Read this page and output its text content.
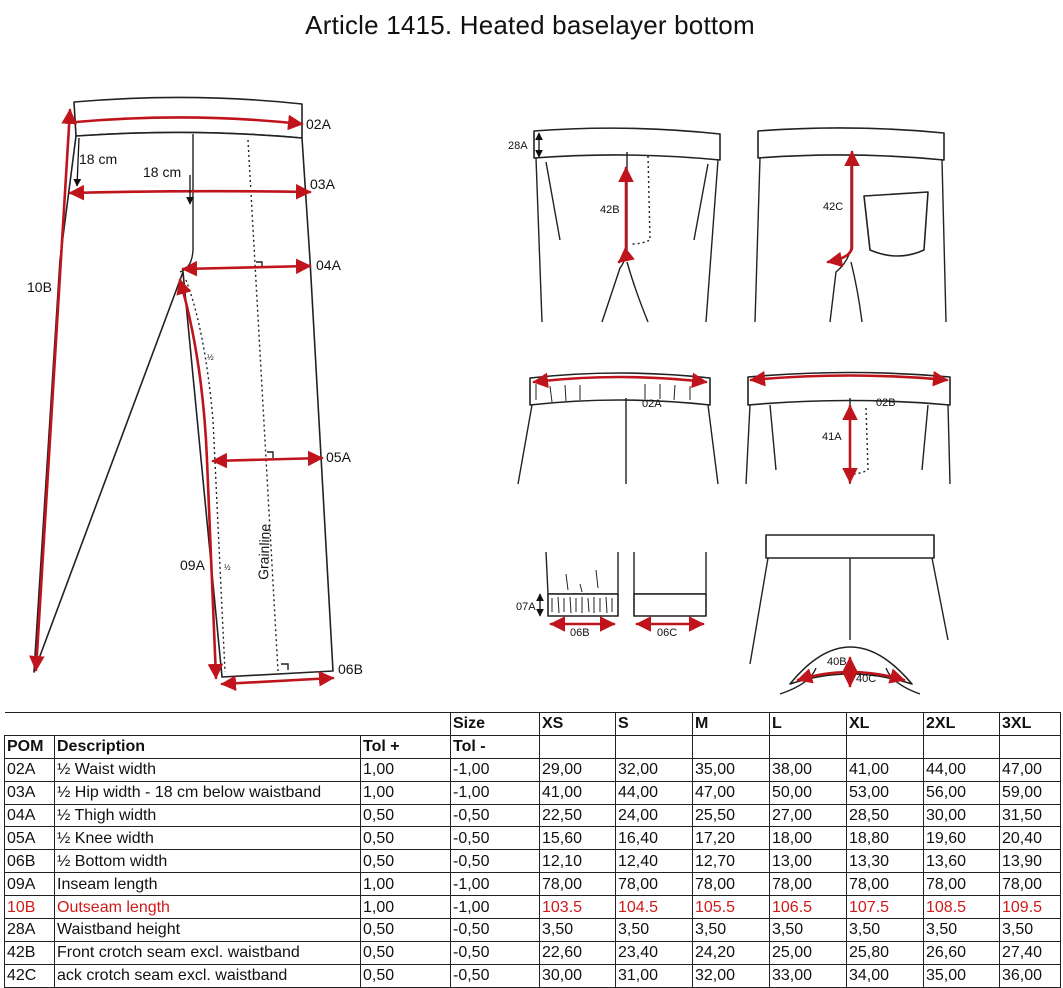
Article 1415. Heated baselayer bottom
02A
03A
04A
05A
06B
10B
09A
18 cm
18 cm
Grainline
½
½
28A
42B	42C
02A	02B
41A
07A
06B	06C
40B
40C
			Size	XS	S	M	L	XL	2XL	3XL
POM	Description	Tol +	Tol -							
02A	½ Waist width	1,00	-1,00	29,00	32,00	35,00	38,00	41,00	44,00	47,00
03A	½ Hip width - 18 cm below waistband	1,00	-1,00	41,00	44,00	47,00	50,00	53,00	56,00	59,00
04A	½ Thigh width	0,50	-0,50	22,50	24,00	25,50	27,00	28,50	30,00	31,50
05A	½ Knee width	0,50	-0,50	15,60	16,40	17,20	18,00	18,80	19,60	20,40
06B	½ Bottom width	0,50	-0,50	12,10	12,40	12,70	13,00	13,30	13,60	13,90
09A	Inseam length	1,00	-1,00	78,00	78,00	78,00	78,00	78,00	78,00	78,00
10B	Outseam length	1,00	-1,00	103.5	104.5	105.5	106.5	107.5	108.5	109.5
28A	Waistband height	0,50	-0,50	3,50	3,50	3,50	3,50	3,50	3,50	3,50
42B	Front crotch seam excl. waistband	0,50	-0,50	22,60	23,40	24,20	25,00	25,80	26,60	27,40
42C	ack crotch seam excl. waistband	0,50	-0,50	30,00	31,00	32,00	33,00	34,00	35,00	36,00
